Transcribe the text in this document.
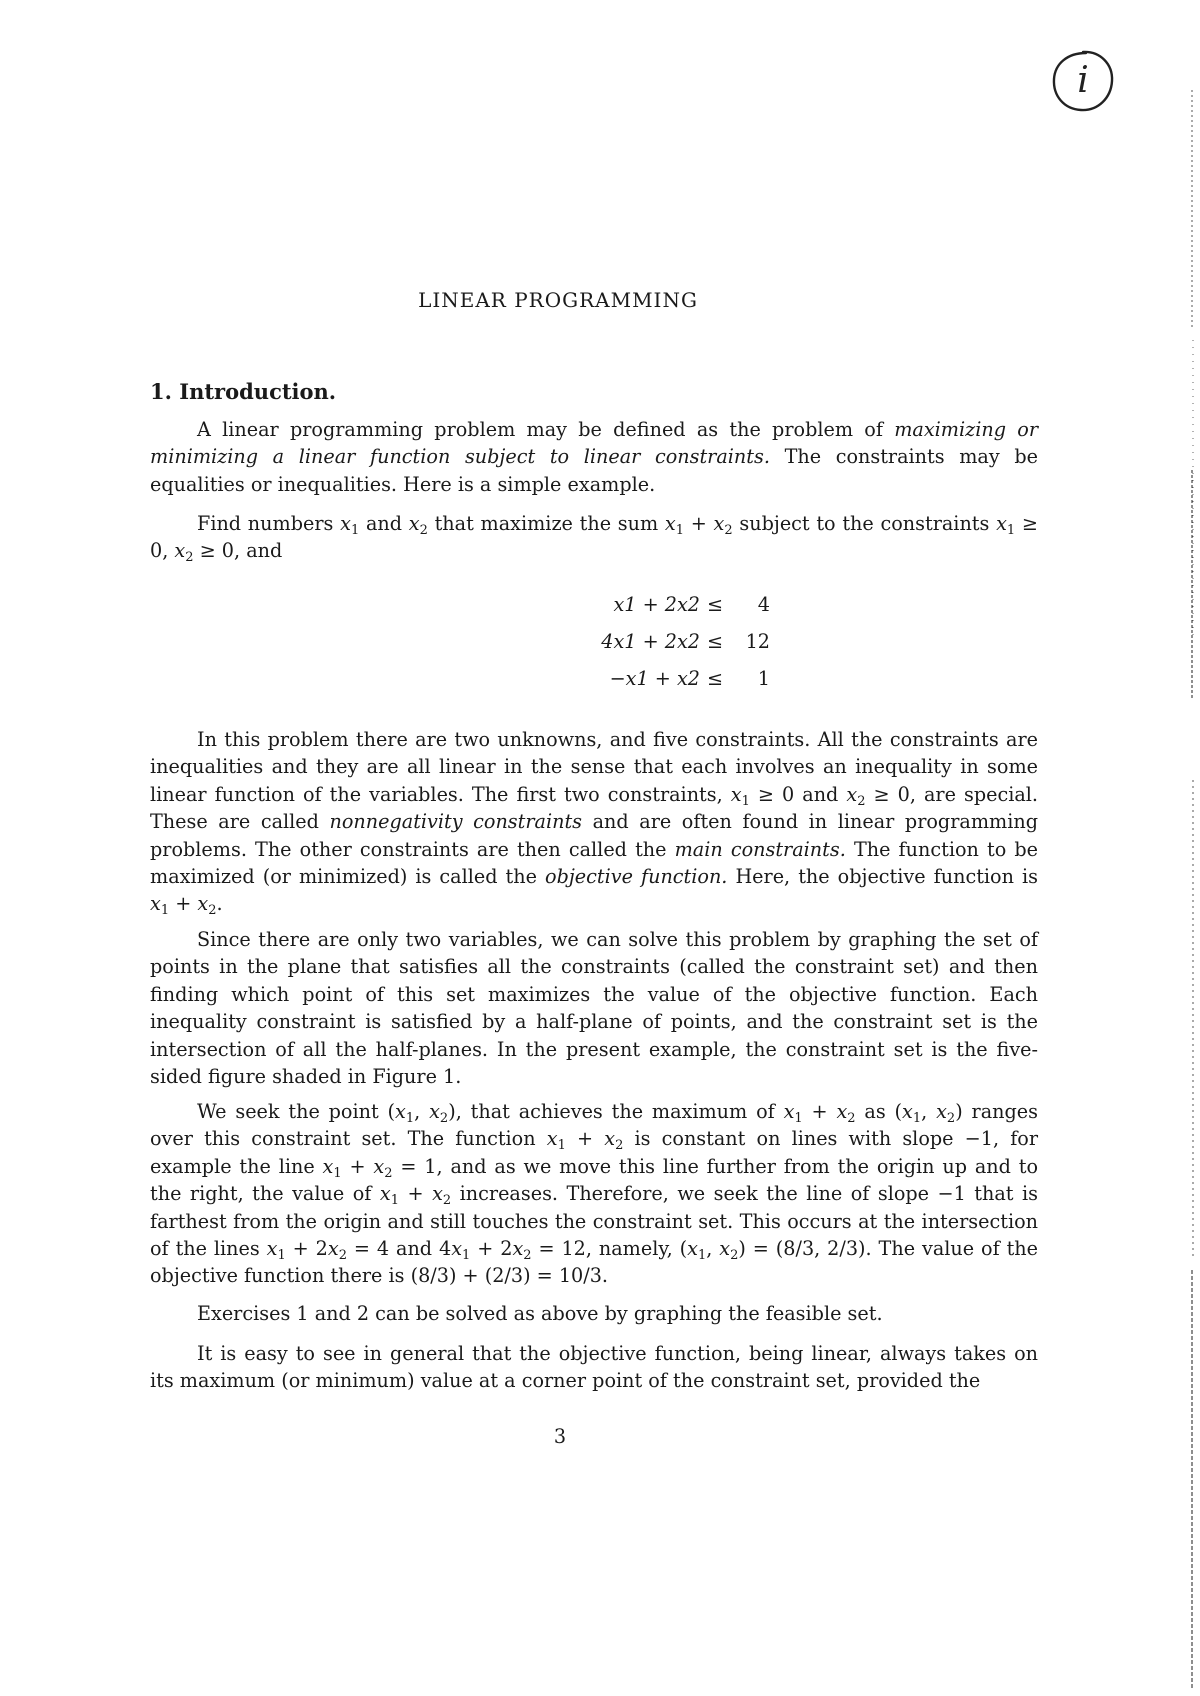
i
LINEAR PROGRAMMING
1. Introduction.

A linear programming problem may be defined as the problem of maximizing or minimizing a linear function subject to linear constraints. The constraints may be equalities or inequalities. Here is a simple example.

Find numbers $x_1$ and $x_2$ that maximize the sum $x_1 + x_2$ subject to the constraints $x_1 \ge 0$, $x_2 \ge 0$, and

x1 + 2x2 ≤	4
4x1 + 2x2 ≤	12
−x1 + x2 ≤	1

In this problem there are two unknowns, and five constraints. All the constraints are inequalities and they are all linear in the sense that each involves an inequality in some linear function of the variables. The first two constraints, $x_1 \ge 0$ and $x_2 \ge 0$, are special. These are called nonnegativity constraints and are often found in linear programming problems. The other constraints are then called the main constraints. The function to be maximized (or minimized) is called the objective function. Here, the objective function is $x_1 + x_2$.

Since there are only two variables, we can solve this problem by graphing the set of points in the plane that satisfies all the constraints (called the constraint set) and then finding which point of this set maximizes the value of the objective function. Each inequality constraint is satisfied by a half-plane of points, and the constraint set is the intersection of all the half-planes. In the present example, the constraint set is the five-sided figure shaded in Figure 1.

We seek the point ($x_1$, $x_2$), that achieves the maximum of $x_1 + x_2$ as ($x_1$, $x_2$) ranges over this constraint set. The function $x_1 + x_2$ is constant on lines with slope −1, for example the line $x_1 + x_2 = 1$, and as we move this line further from the origin up and to the right, the value of $x_1 + x_2$ increases. Therefore, we seek the line of slope −1 that is farthest from the origin and still touches the constraint set. This occurs at the intersection of the lines $x_1 + 2x_2 = 4$ and $4x_1 + 2x_2 = 12$, namely, ($x_1$, $x_2) = (8/3$, 2/3). The value of the objective function there is (8/3) + (2/3) = 10/3.

Exercises 1 and 2 can be solved as above by graphing the feasible set.

It is easy to see in general that the objective function, being linear, always takes on its maximum (or minimum) value at a corner point of the constraint set, provided the

3
